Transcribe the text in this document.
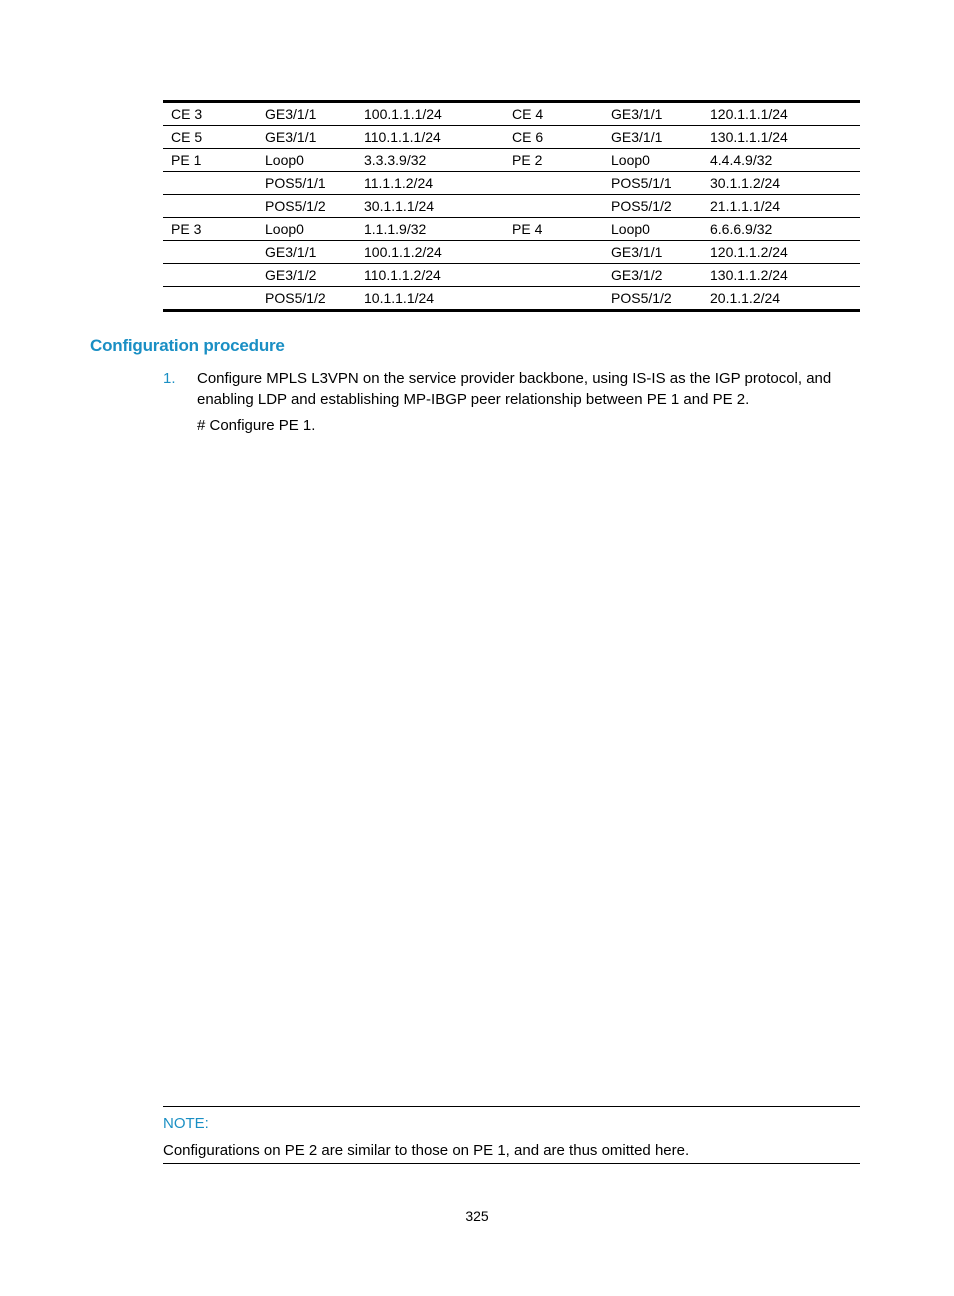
CE 3	GE3/1/1	100.1.1.1/24	CE 4	GE3/1/1	120.1.1.1/24
CE 5	GE3/1/1	110.1.1.1/24	CE 6	GE3/1/1	130.1.1.1/24
PE 1	Loop0	3.3.3.9/32	PE 2	Loop0	4.4.4.9/32
	POS5/1/1	11.1.1.2/24		POS5/1/1	30.1.1.2/24
	POS5/1/2	30.1.1.1/24		POS5/1/2	21.1.1.1/24
PE 3	Loop0	1.1.1.9/32	PE 4	Loop0	6.6.6.9/32
	GE3/1/1	100.1.1.2/24		GE3/1/1	120.1.1.2/24
	GE3/1/2	110.1.1.2/24		GE3/1/2	130.1.1.2/24
	POS5/1/2	10.1.1.1/24		POS5/1/2	20.1.1.2/24
Configuration procedure
1. Configure MPLS L3VPN on the service provider backbone, using IS-IS as the IGP protocol, and enabling LDP and establishing MP-IBGP peer relationship between PE 1 and PE 2.
# Configure PE 1.
NOTE:
Configurations on PE 2 are similar to those on PE 1, and are thus omitted here.
325
